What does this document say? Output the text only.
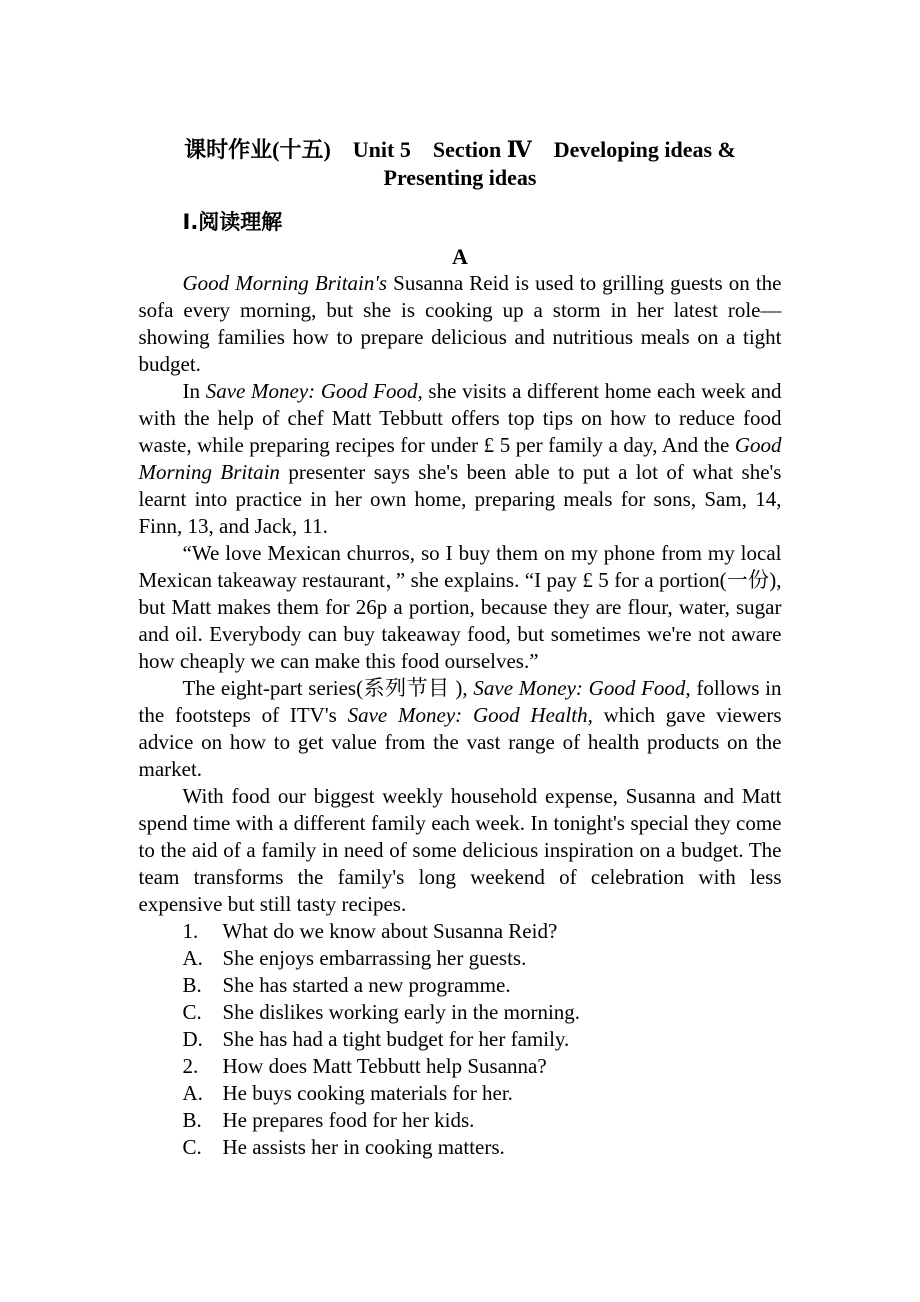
课时作业(十五)　Unit 5　Section Ⅳ　Developing ideas &
Presenting ideas
Ⅰ.阅读理解
A

Good Morning Britain's Susanna Reid is used to grilling guests on the sofa every morning, but she is cooking up a storm in her latest role—showing families how to prepare delicious and nutritious meals on a tight budget.

In Save Money: Good Food, she visits a different home each week and with the help of chef Matt Tebbutt offers top tips on how to reduce food waste, while preparing recipes for under £ 5 per family a day, And the Good Morning Britain presenter says she's been able to put a lot of what she's learnt into practice in her own home, preparing meals for sons, Sam, 14, Finn, 13, and Jack, 11.

“We love Mexican churros, so I buy them on my phone from my local Mexican takeaway restaurant，” she explains. “I pay £ 5 for a portion(一份), but Matt makes them for 26p a portion, because they are flour, water, sugar and oil. Everybody can buy takeaway food, but sometimes we're not aware how cheaply we can make this food ourselves.”

The eight-part series(系列节目 ), Save Money: Good Food, follows in the footsteps of ITV's Save Money: Good Health, which gave viewers advice on how to get value from the vast range of health products on the market.

With food our biggest weekly household expense, Susanna and Matt spend time with a different family each week. In tonight's special they come to the aid of a family in need of some delicious inspiration on a budget. The team transforms the family's long weekend of celebration with less expensive but still tasty recipes.

1. What do we know about Susanna Reid?

A. She enjoys embarrassing her guests.

B. She has started a new programme.

C. She dislikes working early in the morning.

D. She has had a tight budget for her family.

2. How does Matt Tebbutt help Susanna?

A. He buys cooking materials for her.

B. He prepares food for her kids.

C. He assists her in cooking matters.
